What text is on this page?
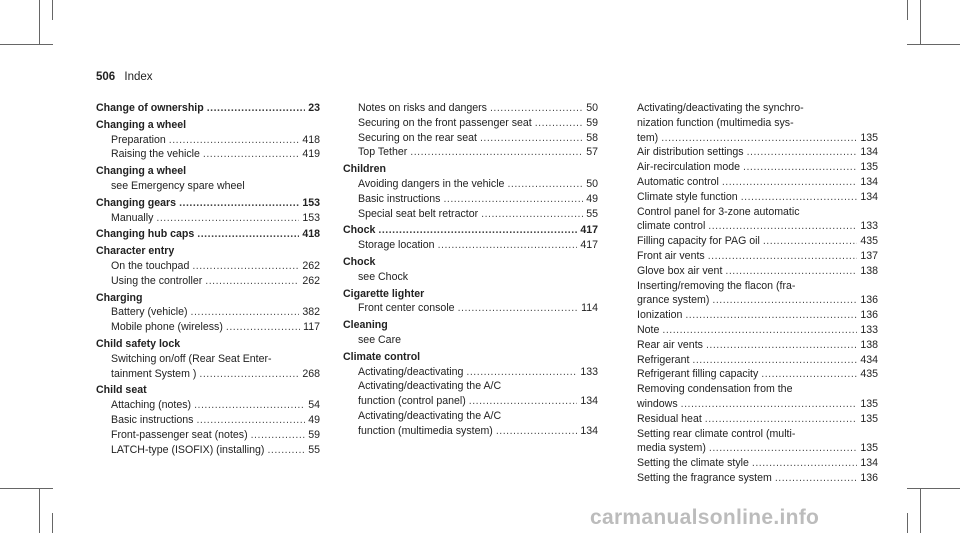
506 Index
Change of ownership .....	23
Changing a wheel
Preparation .....	418
Raising the vehicle .....	419
Changing a wheel
see Emergency spare wheel
Changing gears .....	153
Manually .....	153
Changing hub caps .....	418
Character entry
On the touchpad .....	262
Using the controller .....	262
Charging
Battery (vehicle) .....	382
Mobile phone (wireless) .....	117
Child safety lock
Switching on/off (Rear Seat Enter-
tainment System ) .....	268
Child seat
Attaching (notes) .....	54
Basic instructions .....	49
Front-passenger seat (notes) .....	59
LATCH-type (ISOFIX) (installing) .....	55
Notes on risks and dangers .....	50
Securing on the front passenger seat .....	59
Securing on the rear seat .....	58
Top Tether .....	57
Children
Avoiding dangers in the vehicle .....	50
Basic instructions .....	49
Special seat belt retractor .....	55
Chock .....	417
Storage location .....	417
Chock
see Chock
Cigarette lighter
Front center console .....	114
Cleaning
see Care
Climate control
Activating/deactivating .....	133
Activating/deactivating the A/C
function (control panel) .....	134
Activating/deactivating the A/C
function (multimedia system) .....	134
Activating/deactivating the synchro-
nization function (multimedia sys-
tem) .....	135
Air distribution settings .....	134
Air-recirculation mode .....	135
Automatic control .....	134
Climate style function .....	134
Control panel for 3-zone automatic
climate control .....	133
Filling capacity for PAG oil .....	435
Front air vents .....	137
Glove box air vent .....	138
Inserting/removing the flacon (fra-
grance system) .....	136
Ionization .....	136
Note .....	133
Rear air vents .....	138
Refrigerant .....	434
Refrigerant filling capacity .....	435
Removing condensation from the
windows .....	135
Residual heat .....	135
Setting rear climate control (multi-
media system) .....	135
Setting the climate style .....	134
Setting the fragrance system .....	136
carmanualsonline.info
